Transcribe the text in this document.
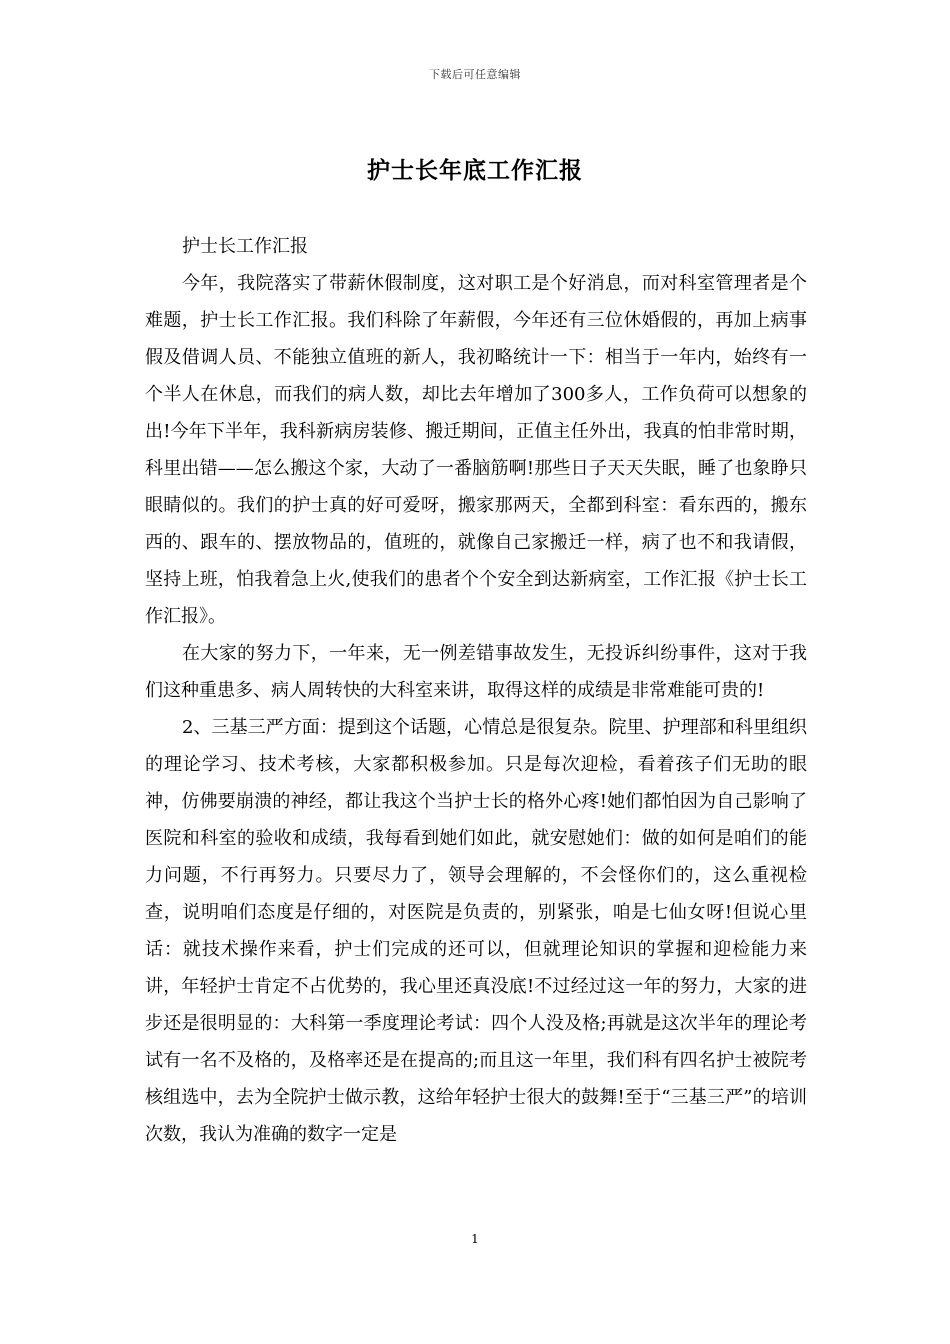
下载后可任意编辑
护士长年底工作汇报

护士长工作汇报

今年，我院落实了带薪休假制度，这对职工是个好消息，而对科室管理者是个难题，护士长工作汇报。我们科除了年薪假，今年还有三位休婚假的，再加上病事假及借调人员、不能独立值班的新人，我初略统计一下：相当于一年内，始终有一个半人在休息，而我们的病人数，却比去年增加了300多人，工作负荷可以想象的出!今年下半年，我科新病房装修、搬迁期间，正值主任外出，我真的怕非常时期，科里出错——怎么搬这个家，大动了一番脑筋啊!那些日子天天失眠，睡了也象睁只眼睛似的。我们的护士真的好可爱呀，搬家那两天，全都到科室：看东西的，搬东西的、跟车的、摆放物品的，值班的，就像自己家搬迁一样，病了也不和我请假，坚持上班，怕我着急上火,使我们的患者个个安全到达新病室，工作汇报《护士长工作汇报》。

在大家的努力下，一年来，无一例差错事故发生，无投诉纠纷事件，这对于我们这种重患多、病人周转快的大科室来讲，取得这样的成绩是非常难能可贵的!

2、三基三严方面：提到这个话题，心情总是很复杂。院里、护理部和科里组织的理论学习、技术考核，大家都积极参加。只是每次迎检，看着孩子们无助的眼神，仿佛要崩溃的神经，都让我这个当护士长的格外心疼!她们都怕因为自己影响了医院和科室的验收和成绩，我每看到她们如此，就安慰她们：做的如何是咱们的能力问题，不行再努力。只要尽力了，领导会理解的，不会怪你们的，这么重视检查，说明咱们态度是仔细的，对医院是负责的，别紧张，咱是七仙女呀!但说心里话：就技术操作来看，护士们完成的还可以，但就理论知识的掌握和迎检能力来讲，年轻护士肯定不占优势的，我心里还真没底!不过经过这一年的努力，大家的进步还是很明显的：大科第一季度理论考试：四个人没及格;再就是这次半年的理论考试有一名不及格的，及格率还是在提高的;而且这一年里，我们科有四名护士被院考核组选中，去为全院护士做示教，这给年轻护士很大的鼓舞!至于“三基三严”的培训次数，我认为准确的数字一定是

1
